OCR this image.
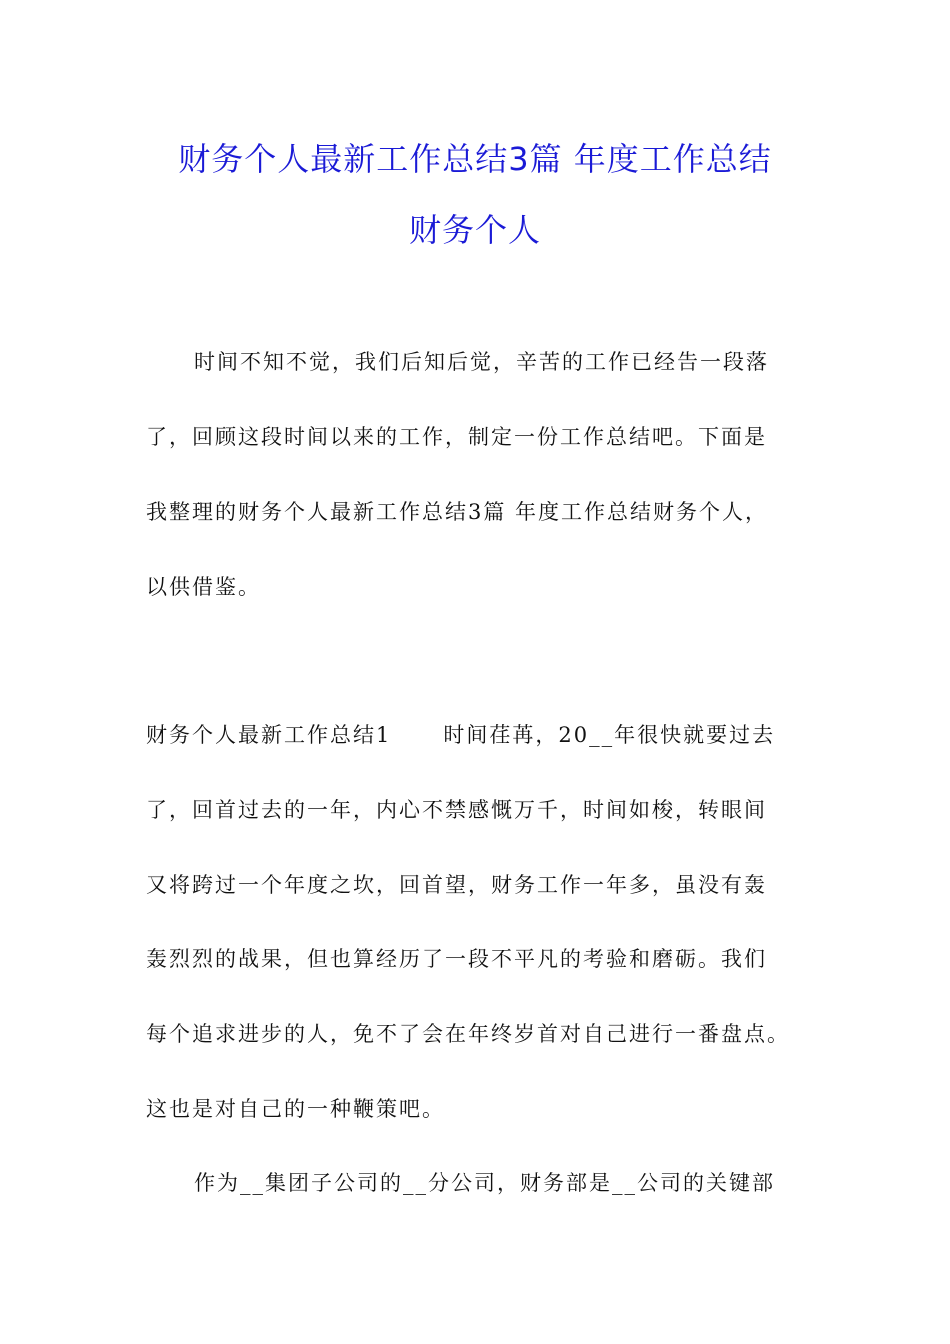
财务个人最新工作总结3篇 年度工作总结
财务个人
时间不知不觉，我们后知后觉，辛苦的工作已经告一段落
了，回顾这段时间以来的工作，制定一份工作总结吧。下面是
我整理的财务个人最新工作总结3篇 年度工作总结财务个人，
以供借鉴。
财务个人最新工作总结1      时间荏苒，20__年很快就要过去
了，回首过去的一年，内心不禁感慨万千，时间如梭，转眼间
又将跨过一个年度之坎，回首望，财务工作一年多，虽没有轰
轰烈烈的战果，但也算经历了一段不平凡的考验和磨砺。我们
每个追求进步的人，免不了会在年终岁首对自己进行一番盘点。
这也是对自己的一种鞭策吧。
作为__集团子公司的__分公司，财务部是__公司的关键部
